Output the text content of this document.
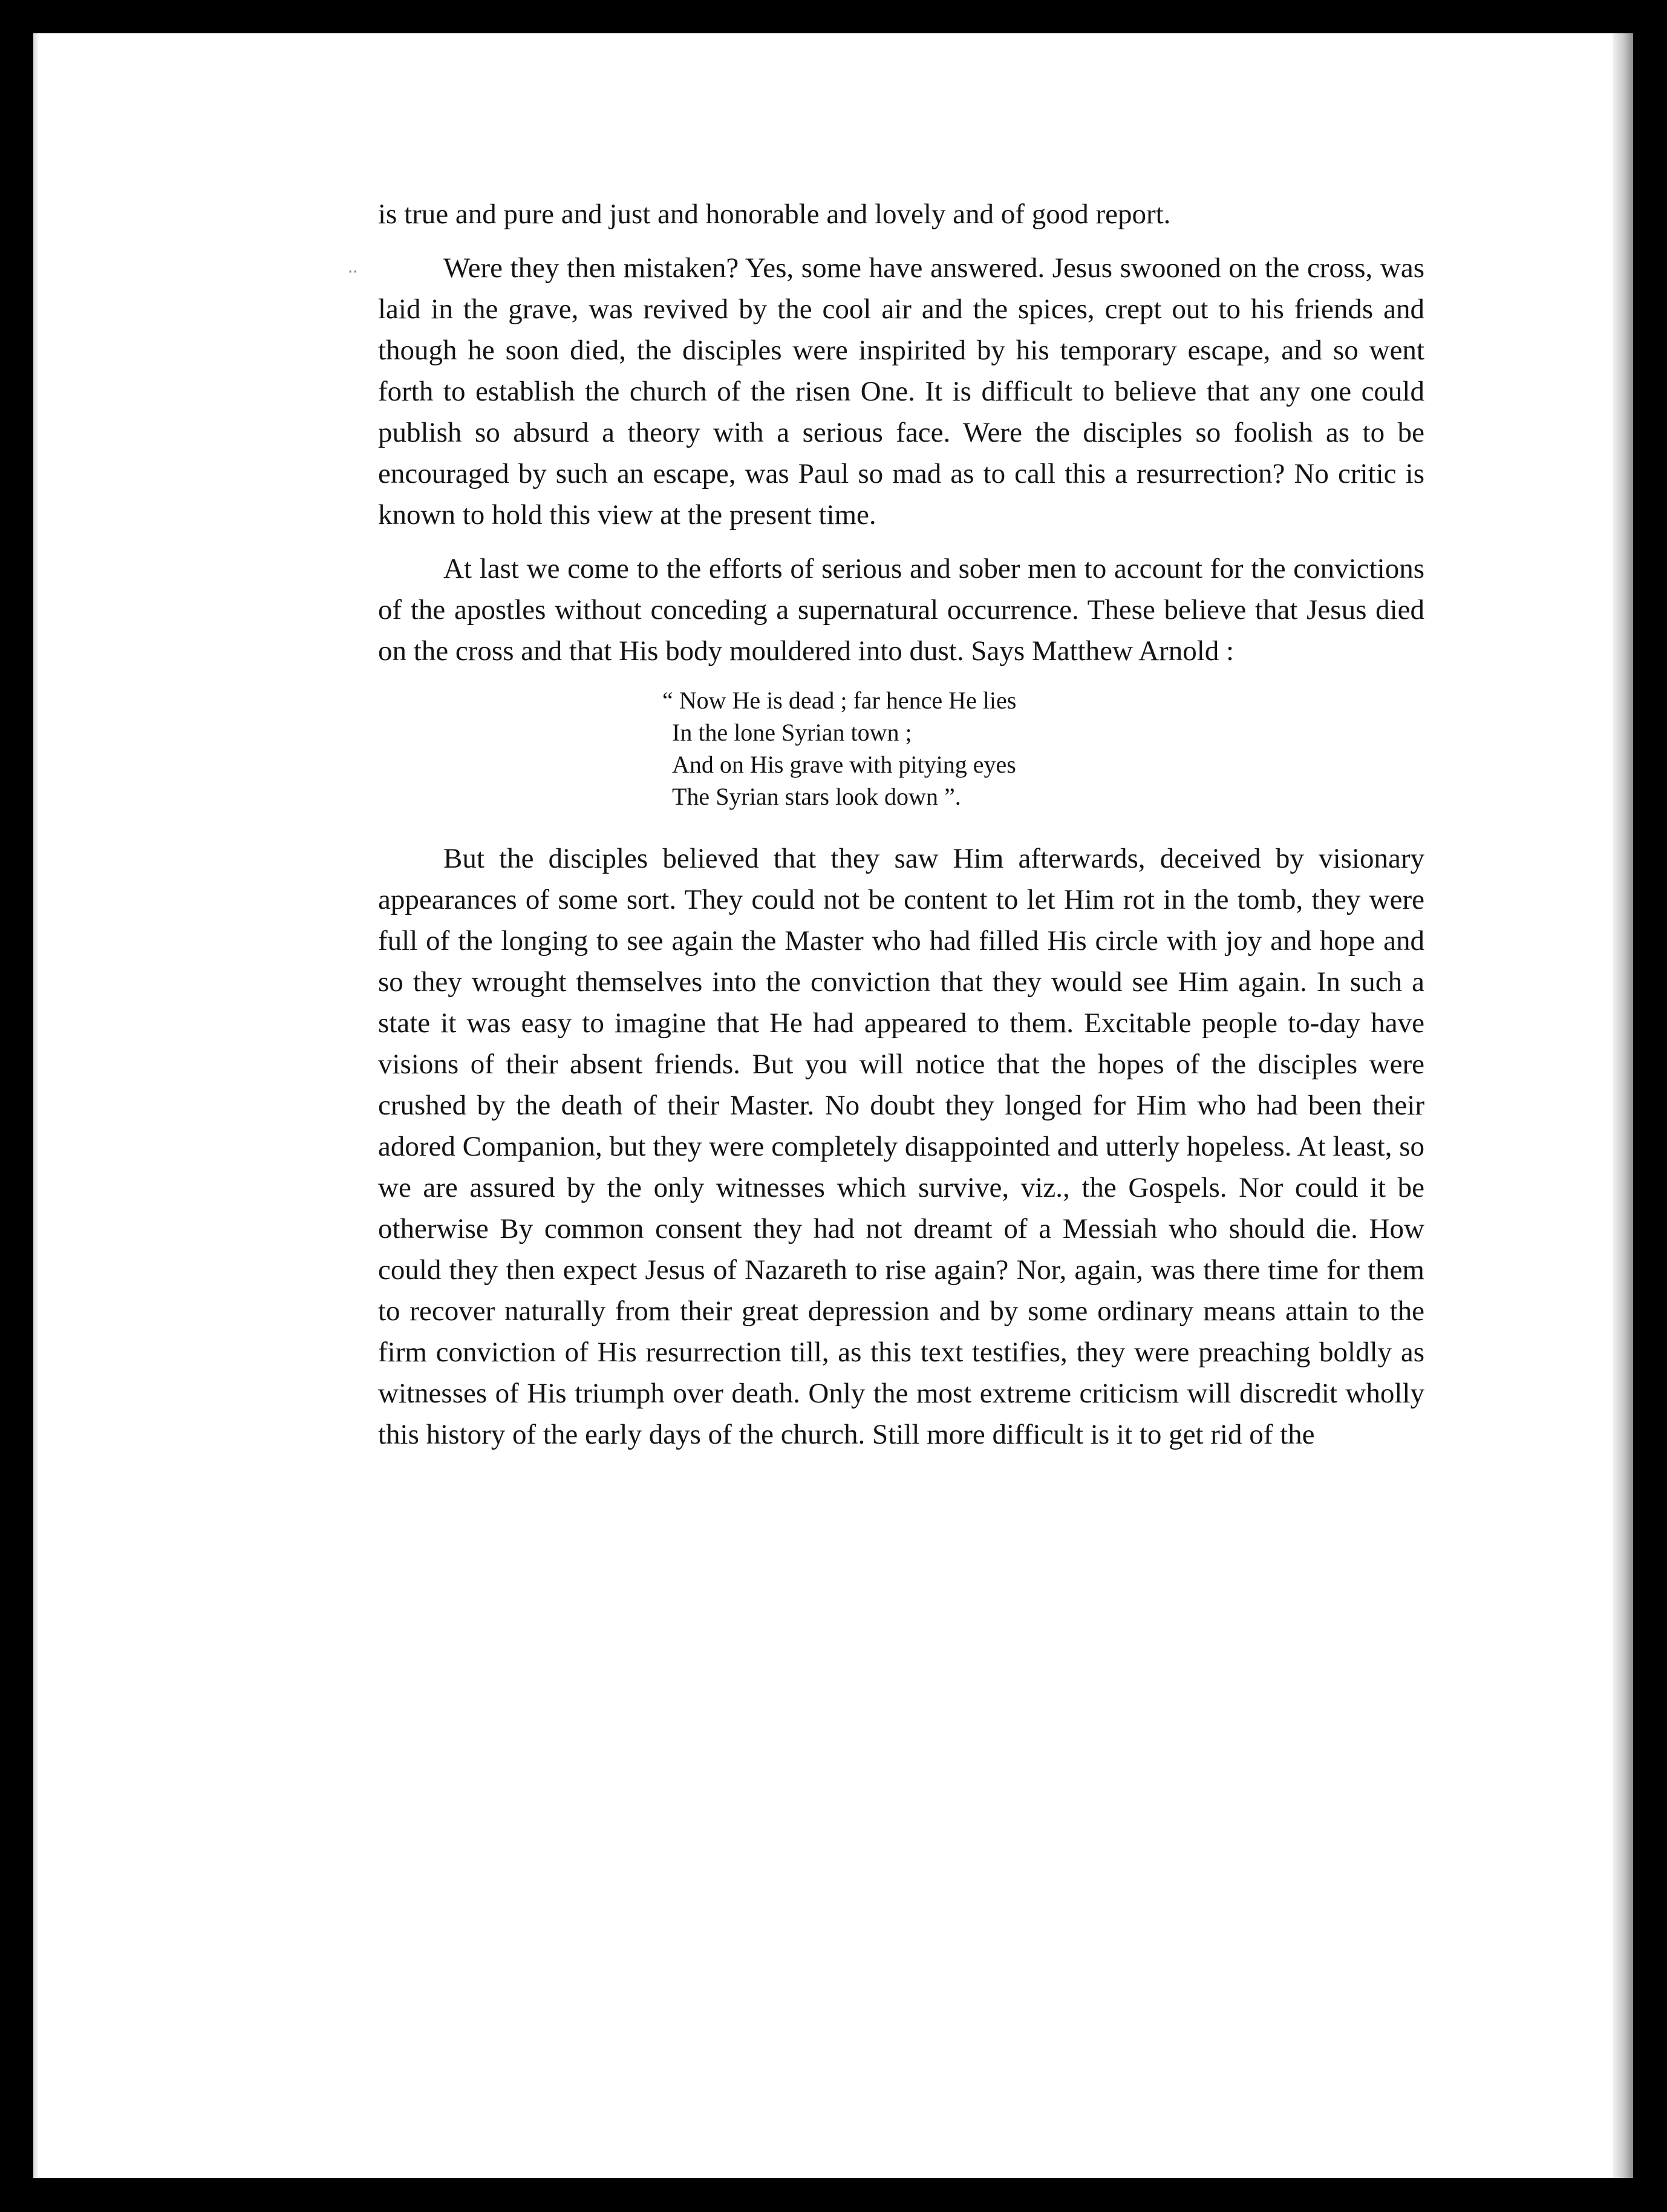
··

is true and pure and just and honorable and lovely and of good report.

Were they then mistaken? Yes, some have answered. Jesus swooned on the cross, was laid in the grave, was revived by the cool air and the spices, crept out to his friends and though he soon died, the disciples were inspirited by his temporary escape, and so went forth to establish the church of the risen One. It is difficult to believe that any one could publish so absurd a theory with a serious face. Were the disciples so foolish as to be encouraged by such an escape, was Paul so mad as to call this a resurrection? No critic is known to hold this view at the present time.

At last we come to the efforts of serious and sober men to account for the convictions of the apostles without conceding a supernatural occurrence. These believe that Jesus died on the cross and that His body mouldered into dust. Says Matthew Arnold :

“ Now He is dead ; far hence He lies
In the lone Syrian town ;
And on His grave with pitying eyes
The Syrian stars look down ”.

But the disciples believed that they saw Him afterwards, deceived by visionary appearances of some sort. They could not be content to let Him rot in the tomb, they were full of the longing to see again the Master who had filled His circle with joy and hope and so they wrought themselves into the conviction that they would see Him again. In such a state it was easy to imagine that He had appeared to them. Excitable people to-day have visions of their absent friends. But you will notice that the hopes of the disciples were crushed by the death of their Master. No doubt they longed for Him who had been their adored Companion, but they were completely disappointed and utterly hopeless. At least, so we are assured by the only witnesses which survive, viz., the Gospels. Nor could it be otherwise By common consent they had not dreamt of a Messiah who should die. How could they then expect Jesus of Nazareth to rise again? Nor, again, was there time for them to recover naturally from their great depression and by some ordinary means attain to the firm conviction of His resurrection till, as this text testifies, they were preaching boldly as witnesses of His triumph over death. Only the most extreme criticism will discredit wholly this history of the early days of the church. Still more difficult is it to get rid of the
